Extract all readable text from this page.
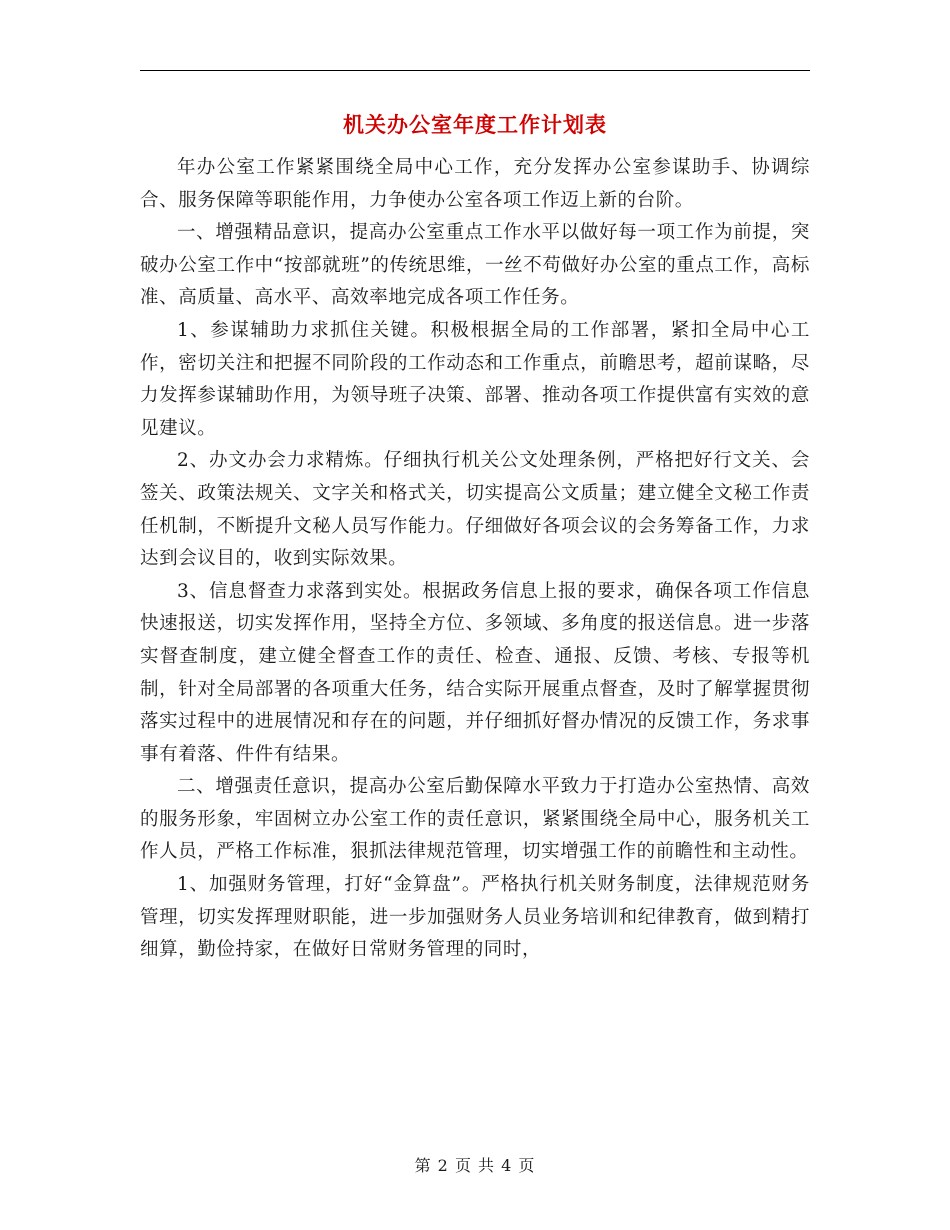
机关办公室年度工作计划表

年办公室工作紧紧围绕全局中心工作，充分发挥办公室参谋助手、协调综合、服务保障等职能作用，力争使办公室各项工作迈上新的台阶。

一、增强精品意识，提高办公室重点工作水平以做好每一项工作为前提，突破办公室工作中“按部就班”的传统思维，一丝不苟做好办公室的重点工作，高标准、高质量、高水平、高效率地完成各项工作任务。

1、参谋辅助力求抓住关键。积极根据全局的工作部署，紧扣全局中心工作，密切关注和把握不同阶段的工作动态和工作重点，前瞻思考，超前谋略，尽力发挥参谋辅助作用，为领导班子决策、部署、推动各项工作提供富有实效的意见建议。

2、办文办会力求精炼。仔细执行机关公文处理条例，严格把好行文关、会签关、政策法规关、文字关和格式关，切实提高公文质量；建立健全文秘工作责任机制，不断提升文秘人员写作能力。仔细做好各项会议的会务筹备工作，力求达到会议目的，收到实际效果。

3、信息督查力求落到实处。根据政务信息上报的要求，确保各项工作信息快速报送，切实发挥作用，坚持全方位、多领域、多角度的报送信息。进一步落实督查制度，建立健全督查工作的责任、检查、通报、反馈、考核、专报等机制，针对全局部署的各项重大任务，结合实际开展重点督查，及时了解掌握贯彻落实过程中的进展情况和存在的问题，并仔细抓好督办情况的反馈工作，务求事事有着落、件件有结果。

二、增强责任意识，提高办公室后勤保障水平致力于打造办公室热情、高效的服务形象，牢固树立办公室工作的责任意识，紧紧围绕全局中心，服务机关工作人员，严格工作标准，狠抓法律规范管理，切实增强工作的前瞻性和主动性。

1、加强财务管理，打好“金算盘”。严格执行机关财务制度，法律规范财务管理，切实发挥理财职能，进一步加强财务人员业务培训和纪律教育，做到精打细算，勤俭持家，在做好日常财务管理的同时，

第 2 页 共 4 页
